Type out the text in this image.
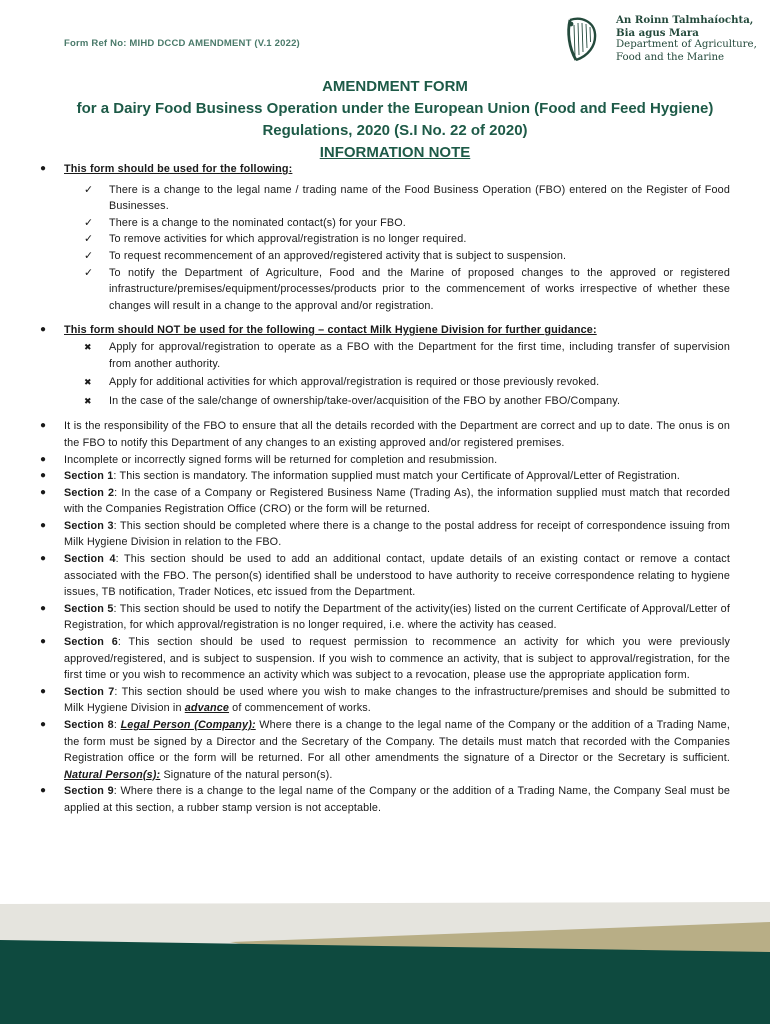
Form Ref No: MIHD DCCD AMENDMENT (V.1 2022)
An Roinn Talmhaíochta,
Bia agus Mara
Department of Agriculture,
Food and the Marine
AMENDMENT FORM
for a Dairy Food Business Operation under the European Union (Food and Feed Hygiene)
Regulations, 2020 (S.I No. 22 of 2020)
INFORMATION NOTE
●	This form should be used for the following:
✓	There is a change to the legal name / trading name of the Food Business Operation (FBO) entered on the Register of Food Businesses.
✓	There is a change to the nominated contact(s) for your FBO.
✓	To remove activities for which approval/registration is no longer required.
✓	To request recommencement of an approved/registered activity that is subject to suspension.
✓	To notify the Department of Agriculture, Food and the Marine of proposed changes to the approved or registered infrastructure/premises/equipment/processes/products prior to the commencement of works irrespective of whether these changes will result in a change to the approval and/or registration.
●	This form should NOT be used for the following – contact Milk Hygiene Division for further guidance:
✖	Apply for approval/registration to operate as a FBO with the Department for the first time, including transfer of supervision from another authority.
✖	Apply for additional activities for which approval/registration is required or those previously revoked.
✖	In the case of the sale/change of ownership/take-over/acquisition of the FBO by another FBO/Company.
●	It is the responsibility of the FBO to ensure that all the details recorded with the Department are correct and up to date. The onus is on the FBO to notify this Department of any changes to an existing approved and/or registered premises.
●	Incomplete or incorrectly signed forms will be returned for completion and resubmission.
●	Section 1: This section is mandatory. The information supplied must match your Certificate of Approval/Letter of Registration.
●	Section 2: In the case of a Company or Registered Business Name (Trading As), the information supplied must match that recorded with the Companies Registration Office (CRO) or the form will be returned.
●	Section 3: This section should be completed where there is a change to the postal address for receipt of correspondence issuing from Milk Hygiene Division in relation to the FBO.
●	Section 4: This section should be used to add an additional contact, update details of an existing contact or remove a contact associated with the FBO. The person(s) identified shall be understood to have authority to receive correspondence relating to hygiene issues, TB notification, Trader Notices, etc issued from the Department.
●	Section 5: This section should be used to notify the Department of the activity(ies) listed on the current Certificate of Approval/Letter of Registration, for which approval/registration is no longer required, i.e. where the activity has ceased.
●	Section 6: This section should be used to request permission to recommence an activity for which you were previously approved/registered, and is subject to suspension. If you wish to commence an activity, that is subject to approval/registration, for the first time or you wish to recommence an activity which was subject to a revocation, please use the appropriate application form.
●	Section 7: This section should be used where you wish to make changes to the infrastructure/premises and should be submitted to Milk Hygiene Division in advance of commencement of works.
●	Section 8: Legal Person (Company): Where there is a change to the legal name of the Company or the addition of a Trading Name, the form must be signed by a Director and the Secretary of the Company. The details must match that recorded with the Companies Registration office or the form will be returned. For all other amendments the signature of a Director or the Secretary is sufficient. Natural Person(s): Signature of the natural person(s).
●	Section 9: Where there is a change to the legal name of the Company or the addition of a Trading Name, the Company Seal must be applied at this section, a rubber stamp version is not acceptable.
